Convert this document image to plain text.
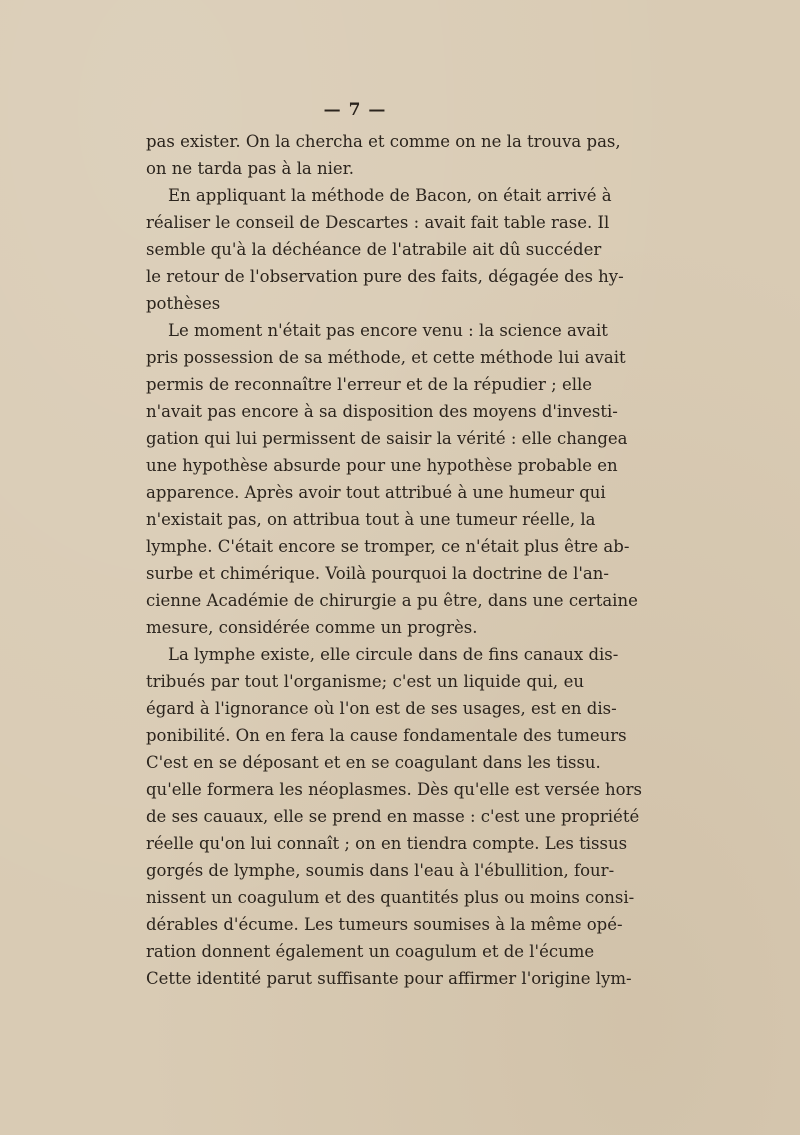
— 7 —
pas exister. On la chercha et comme on ne la trouva pas,
on ne tarda pas à la nier.
En appliquant la méthode de Bacon, on était arrivé à
réaliser le conseil de Descartes : avait fait table rase. Il
semble qu'à la déchéance de l'atrabile ait dû succéder
le retour de l'observation pure des faits, dégagée des hy-
pothèses
Le moment n'était pas encore venu : la science avait
pris possession de sa méthode, et cette méthode lui avait
permis de reconnaître l'erreur et de la répudier ; elle
n'avait pas encore à sa disposition des moyens d'investi-
gation qui lui permissent de saisir la vérité : elle changea
une hypothèse absurde pour une hypothèse probable en
apparence. Après avoir tout attribué à une humeur qui
n'existait pas, on attribua tout à une tumeur réelle, la
lymphe. C'était encore se tromper, ce n'était plus être ab-
surbe et chimérique. Voilà pourquoi la doctrine de l'an-
cienne Académie de chirurgie a pu être, dans une certaine
mesure, considérée comme un progrès.
La lymphe existe, elle circule dans de fins canaux dis-
tribués par tout l'organisme; c'est un liquide qui, eu
égard à l'ignorance où l'on est de ses usages, est en dis-
ponibilité. On en fera la cause fondamentale des tumeurs
C'est en se déposant et en se coagulant dans les tissu.
qu'elle formera les néoplasmes. Dès qu'elle est versée hors
de ses cauaux, elle se prend en masse : c'est une propriété
réelle qu'on lui connaît ; on en tiendra compte. Les tissus
gorgés de lymphe, soumis dans l'eau à l'ébullition, four-
nissent un coagulum et des quantités plus ou moins consi-
dérables d'écume. Les tumeurs soumises à la même opé-
ration donnent également un coagulum et de l'écume
Cette identité parut suffisante pour affirmer l'origine lym-
